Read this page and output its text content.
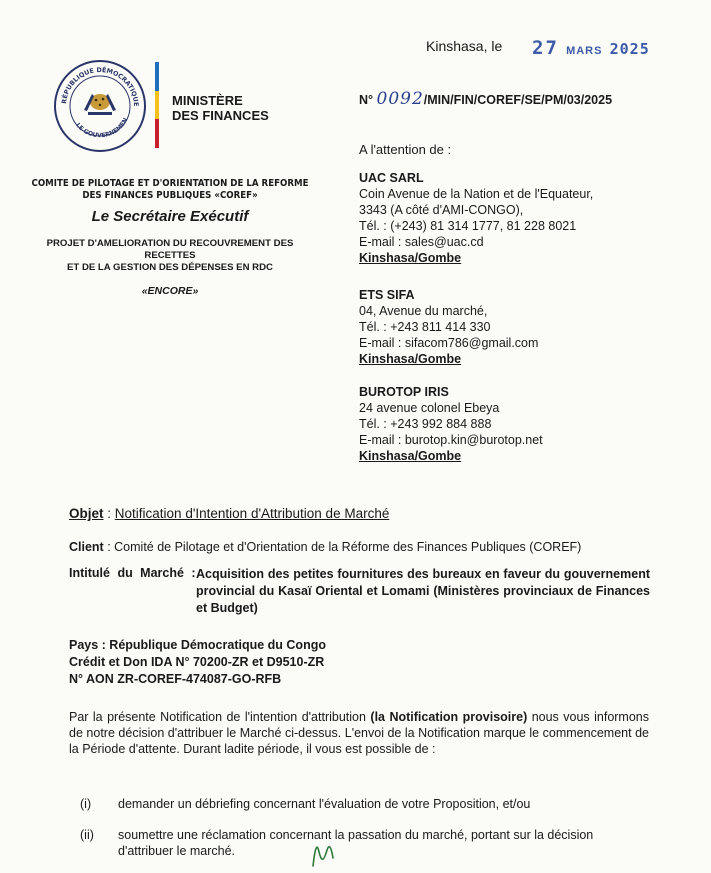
RÉPUBLIQUE DÉMOCRATIQUE
LE GOUVERNEMEN
MINISTÈRE
DES FINANCES
COMITE DE PILOTAGE ET D'ORIENTATION DE LA REFORME
DES FINANCES PUBLIQUES «COREF»
Le Secrétaire Exécutif
PROJET D'AMELIORATION DU RECOUVREMENT DES RECETTES
ET DE LA GESTION DES DÉPENSES EN RDC
«ENCORE»
Kinshasa, le 27 MARS 2025
N° 0092/MIN/FIN/COREF/SE/PM/03/2025
A l'attention de :
UAC SARL
Coin Avenue de la Nation et de l'Equateur,
3343 (A côté d'AMI-CONGO),
Tél. : (+243) 81 314 1777, 81 228 8021
E-mail : sales@uac.cd
Kinshasa/Gombe
ETS SIFA
04, Avenue du marché,
Tél. : +243 811 414 330
E-mail : sifacom786@gmail.com
Kinshasa/Gombe
BUROTOP IRIS
24 avenue colonel Ebeya
Tél. : +243 992 884 888
E-mail : burotop.kin@burotop.net
Kinshasa/Gombe
Objet : Notification d'Intention d'Attribution de Marché
Client : Comité de Pilotage et d'Orientation de la Réforme des Finances Publiques (COREF)
Intitulé du Marché : Acquisition des petites fournitures des bureaux en faveur du gouvernement provincial du Kasaï Oriental et Lomami (Ministères provinciaux de Finances et Budget)
Pays : République Démocratique du Congo
Crédit et Don IDA N° 70200-ZR et D9510-ZR
N° AON ZR-COREF-474087-GO-RFB
Par la présente Notification de l'intention d'attribution (la Notification provisoire) nous vous informons de notre décision d'attribuer le Marché ci-dessus. L'envoi de la Notification marque le commencement de la Période d'attente. Durant ladite période, il vous est possible de :
(i) demander un débriefing concernant l'évaluation de votre Proposition, et/ou
(ii) soumettre une réclamation concernant la passation du marché, portant sur la décision d'attribuer le marché.
